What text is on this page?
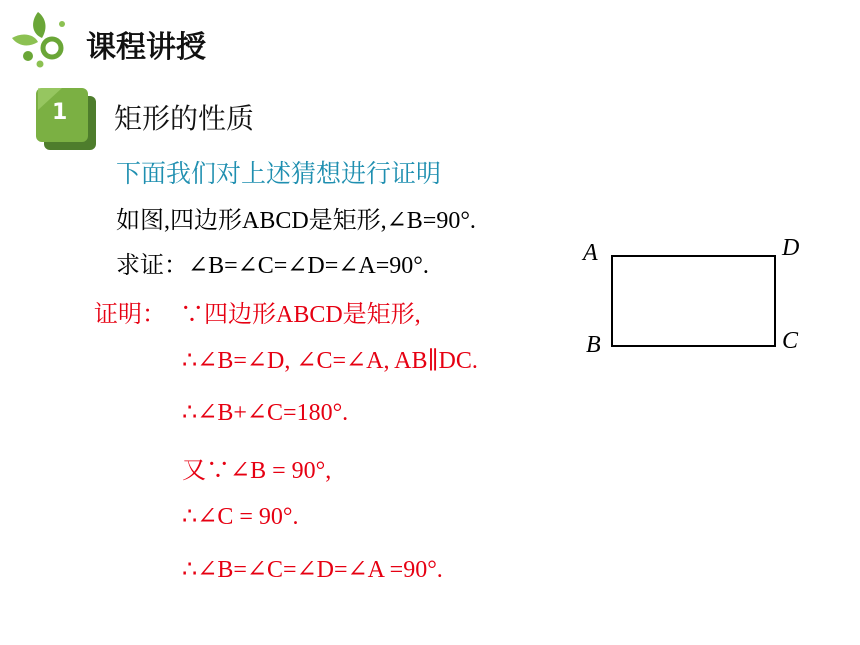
课程讲授
1 矩形的性质
下面我们对上述猜想进行证明
如图,四边形ABCD是矩形,∠B=90°.
求证：∠B=∠C=∠D=∠A=90°.
证明： ∵四边形ABCD是矩形,
∴∠B=∠D, ∠C=∠A, AB∥DC.
∴∠B+∠C=180°.
又∵∠B = 90°,
∴∠C = 90°.
∴∠B=∠C=∠D=∠A =90°.
A	D
B	C
